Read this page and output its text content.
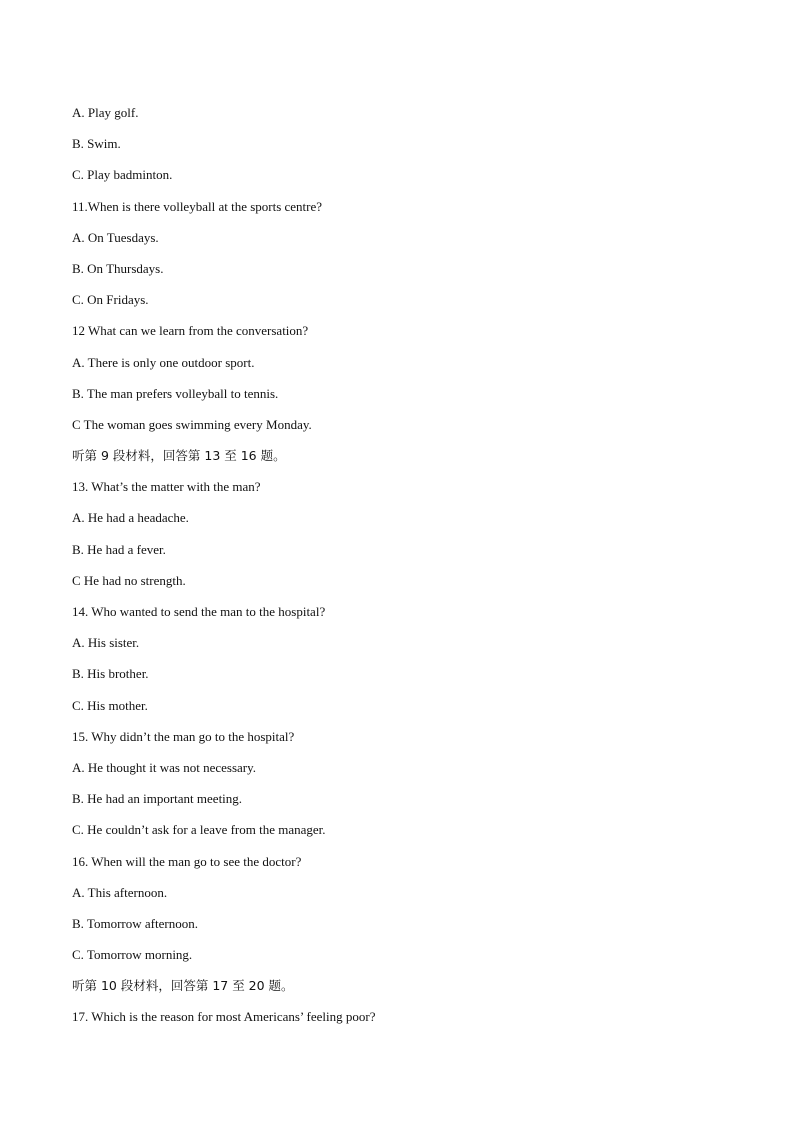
A. Play golf.
B. Swim.
C. Play badminton.
11.When is there volleyball at the sports centre?
A. On Tuesdays.
B. On Thursdays.
C. On Fridays.
12 What can we learn from the conversation?
A. There is only one outdoor sport.
B. The man prefers volleyball to tennis.
C The woman goes swimming every Monday.
听第 9 段材料，回答第 13 至 16 题。
13. What’s the matter with the man?
A. He had a headache.
B. He had a fever.
C He had no strength.
14. Who wanted to send the man to the hospital?
A. His sister.
B. His brother.
C. His mother.
15. Why didn’t the man go to the hospital?
A. He thought it was not necessary.
B. He had an important meeting.
C. He couldn’t ask for a leave from the manager.
16. When will the man go to see the doctor?
A. This afternoon.
B. Tomorrow afternoon.
C. Tomorrow morning.
听第 10 段材料，回答第 17 至 20 题。
17. Which is the reason for most Americans’ feeling poor?
